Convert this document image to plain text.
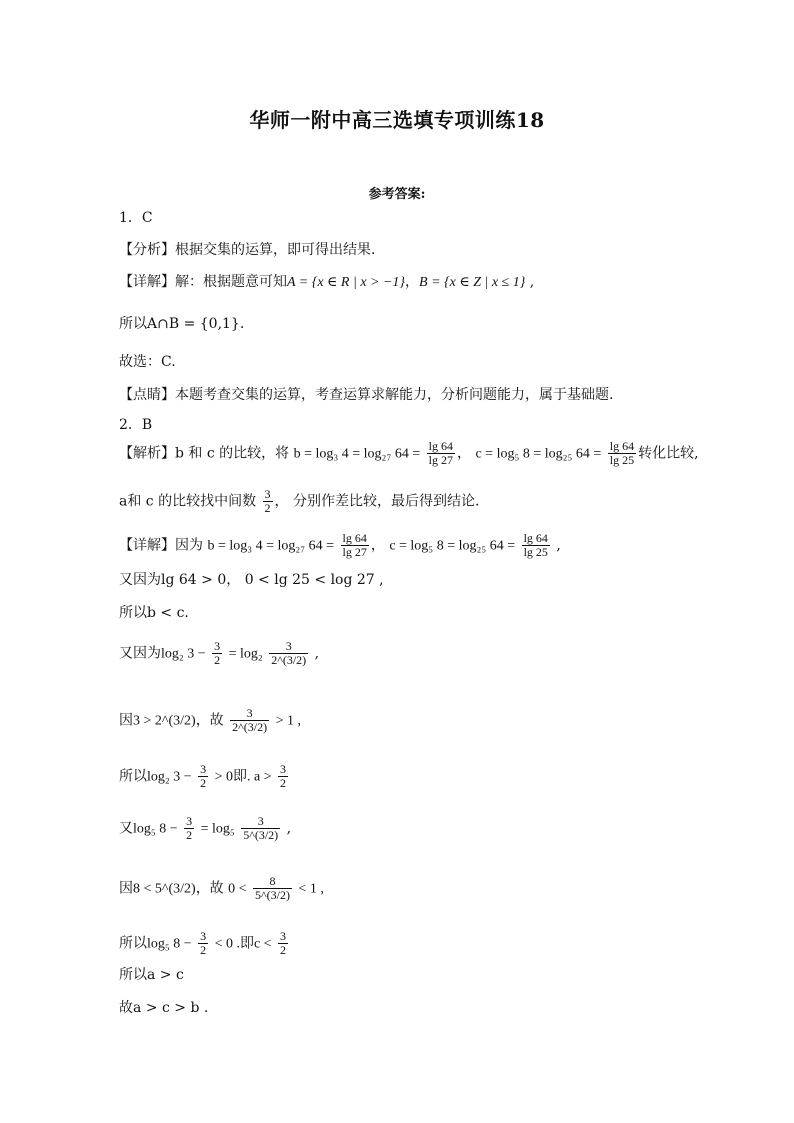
华师一附中高三选填专项训练18
参考答案:
1．C
【分析】根据交集的运算，即可得出结果.
【详解】解：根据题意可知A = {x ∈ R | x > −1}，B = {x ∈ Z | x ≤ 1} ,
所以A∩B = {0,1}.
故选：C.
【点睛】本题考查交集的运算，考查运算求解能力，分析问题能力，属于基础题.
2．B
【解析】b 和 c 的比较，将 b = log₃ 4 = log₂₇ $64 = \frac{\lg 64}{\lg 27}$ ， c = log₅ 8 = log₂₅ $64 = \frac{\lg 64}{\lg 25}$ 转化比较,
a和 c 的比较找中间数 $\frac{3}{2}$ ， 分别作差比较，最后得到结论.
【详解】因为 b = log₃ 4 = log₂₇ $64 = \frac{\lg 64}{\lg 27}$ ， c = log₅ 8 = log₂₅ $64 = \frac{\lg 64}{\lg 25}$ ,
又因为lg 64 > 0， 0 < lg 25 < log 27 ,
所以b < c.
又因为log₂ $3 - \frac{3}{2} = \log_2 \frac{3}{2\^{}(3/2)}$ ,
因3 > 2^(3/2)，故 $\frac{3}{2\^{}(3/2)} > 1$ ,
所以log₂ $3 - \frac{3}{2} > 0$即. $a > \frac{3}{2}$
又log₅ $8 - \frac{3}{2} = \log_5 \frac{3}{5\^{}(3/2)}$ ,
因8 < 5^(3/2)，故 $0 < \frac{8}{5\^{}(3/2)} < 1$ ,
所以log₅ $8 - \frac{3}{2} < 0$ .即$c < \frac{3}{2}$
所以a > c
故a > c > b .
